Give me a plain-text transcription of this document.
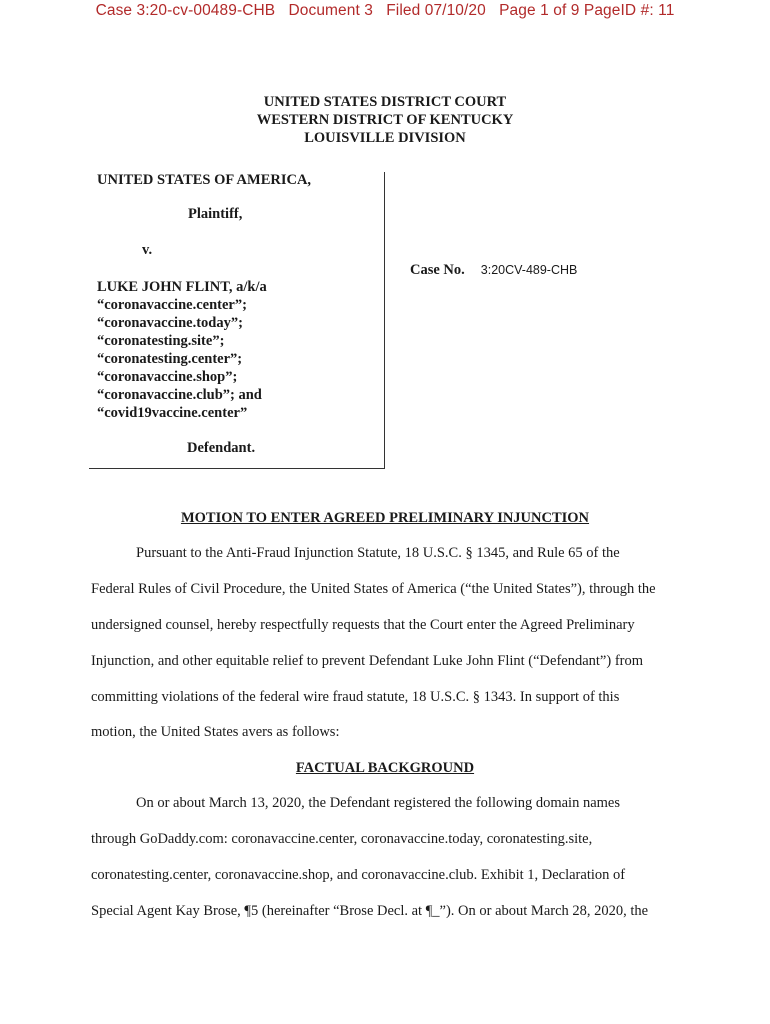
Case 3:20-cv-00489-CHB   Document 3   Filed 07/10/20   Page 1 of 9 PageID #: 11
UNITED STATES DISTRICT COURT
WESTERN DISTRICT OF KENTUCKY
LOUISVILLE DIVISION
UNITED STATES OF AMERICA,
Plaintiff,
v.
LUKE JOHN FLINT, a/k/a
“coronavaccine.center”;
“coronavaccine.today”;
“coronatesting.site”;
“coronatesting.center”;
“coronavaccine.shop”;
“coronavaccine.club”; and
“covid19vaccine.center”
Defendant.
Case No. 3:20CV-489-CHB
MOTION TO ENTER AGREED PRELIMINARY INJUNCTION
Pursuant to the Anti-Fraud Injunction Statute, 18 U.S.C. § 1345, and Rule 65 of the
Federal Rules of Civil Procedure, the United States of America (“the United States”), through the
undersigned counsel, hereby respectfully requests that the Court enter the Agreed Preliminary
Injunction, and other equitable relief to prevent Defendant Luke John Flint (“Defendant”) from
committing violations of the federal wire fraud statute, 18 U.S.C. § 1343. In support of this
motion, the United States avers as follows:
FACTUAL BACKGROUND
On or about March 13, 2020, the Defendant registered the following domain names
through GoDaddy.com: coronavaccine.center, coronavaccine.today, coronatesting.site,
coronatesting.center, coronavaccine.shop, and coronavaccine.club. Exhibit 1, Declaration of
Special Agent Kay Brose, ¶5 (hereinafter “Brose Decl. at ¶_”). On or about March 28, 2020, the
